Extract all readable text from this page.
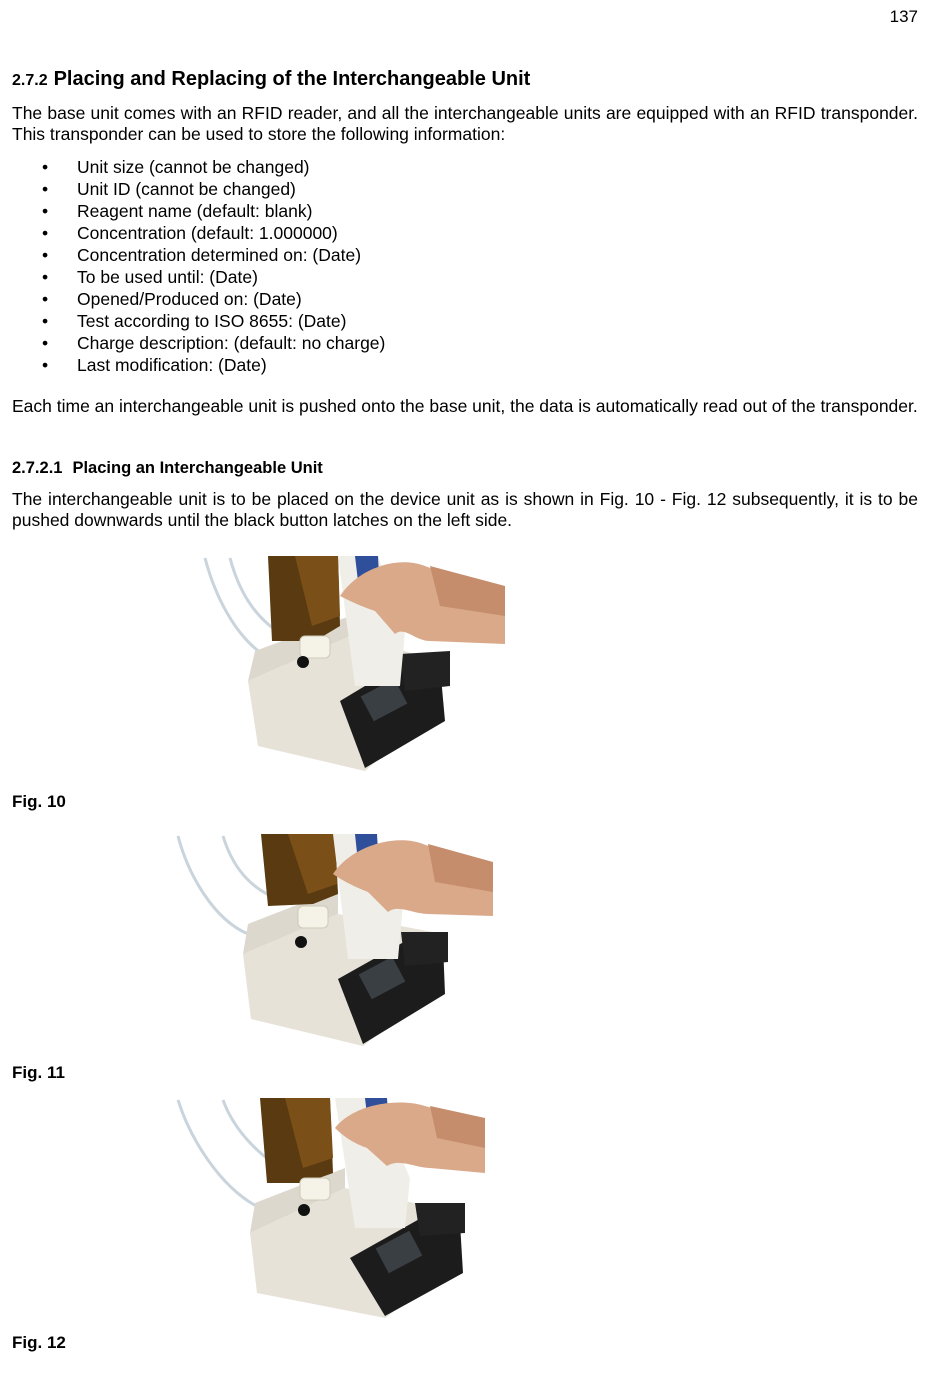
137
2.7.2 Placing and Replacing of the Interchangeable Unit
The base unit comes with an RFID reader, and all the interchangeable units are equipped with an RFID transponder. This transponder can be used to store the following information:
• Unit size (cannot be changed)
• Unit ID (cannot be changed)
• Reagent name (default: blank)
• Concentration (default: 1.000000)
• Concentration determined on: (Date)
• To be used until: (Date)
• Opened/Produced on: (Date)
• Test according to ISO 8655: (Date)
• Charge description: (default: no charge)
• Last modification: (Date)
Each time an interchangeable unit is pushed onto the base unit, the data is automatically read out of the transponder.
2.7.2.1 Placing an Interchangeable Unit
The interchangeable unit is to be placed on the device unit as is shown in Fig. 10 - Fig. 12 subsequently, it is to be pushed downwards until the black button latches on the left side.
Fig. 10
Fig. 11
Fig. 12
